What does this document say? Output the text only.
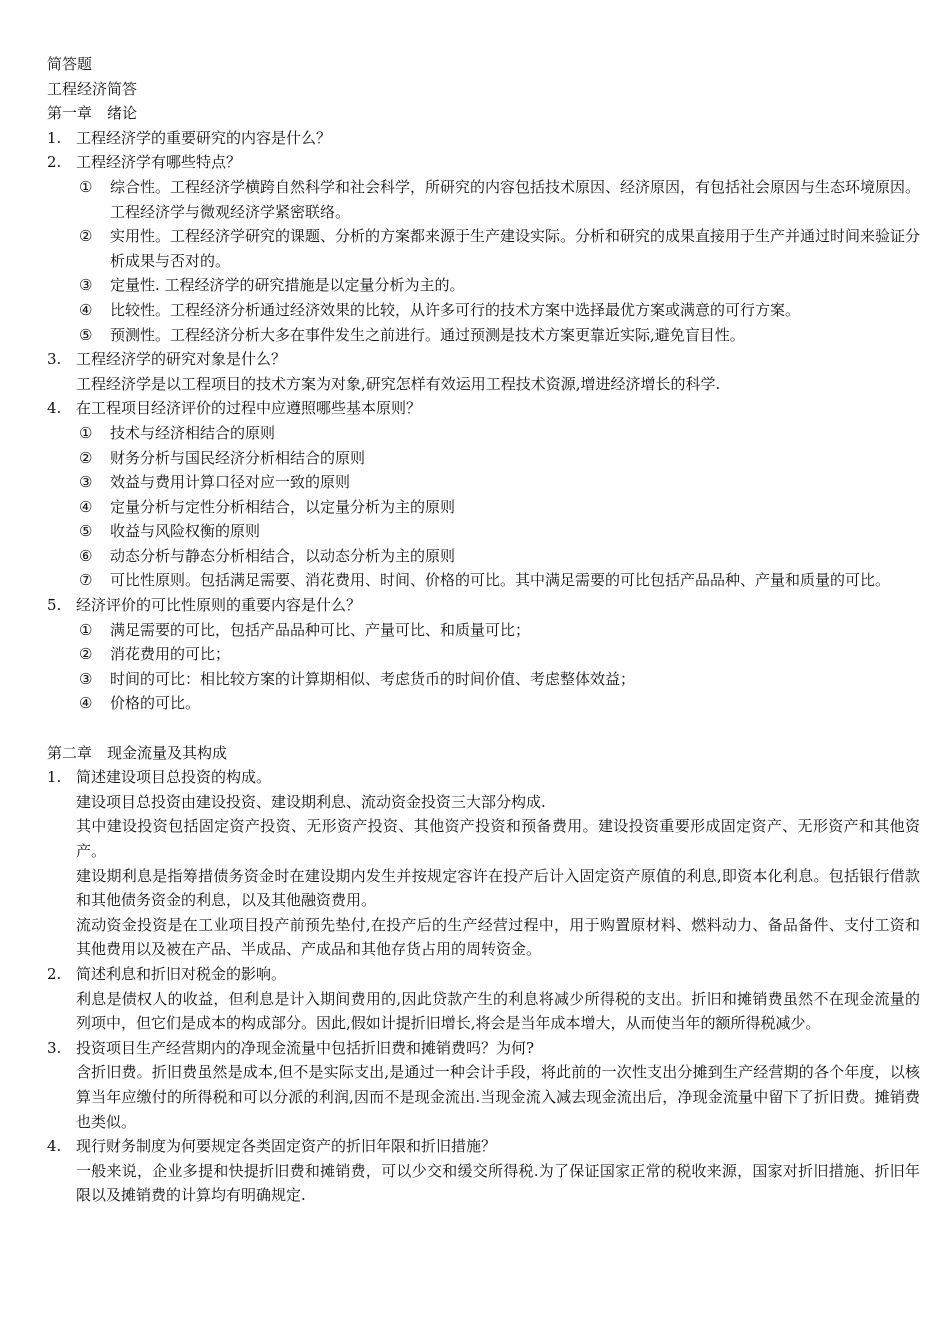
简答题
工程经济简答
第一章　绪论
1. 工程经济学的重要研究的内容是什么？
2. 工程经济学有哪些特点？
① 综合性。工程经济学横跨自然科学和社会科学，所研究的内容包括技术原因、经济原因，有包括社会原因与生态环境原因。工程经济学与微观经济学紧密联络。
② 实用性。工程经济学研究的课题、分析的方案都来源于生产建设实际。分析和研究的成果直接用于生产并通过时间来验证分析成果与否对的。
③ 定量性. 工程经济学的研究措施是以定量分析为主的。
④ 比较性。工程经济分析通过经济效果的比较，从许多可行的技术方案中选择最优方案或满意的可行方案。
⑤ 预测性。工程经济分析大多在事件发生之前进行。通过预测是技术方案更靠近实际,避免盲目性。
3. 工程经济学的研究对象是什么？
工程经济学是以工程项目的技术方案为对象,研究怎样有效运用工程技术资源,增进经济增长的科学.
4. 在工程项目经济评价的过程中应遵照哪些基本原则？
① 技术与经济相结合的原则
② 财务分析与国民经济分析相结合的原则
③ 效益与费用计算口径对应一致的原则
④ 定量分析与定性分析相结合，以定量分析为主的原则
⑤ 收益与风险权衡的原则
⑥ 动态分析与静态分析相结合，以动态分析为主的原则
⑦ 可比性原则。包括满足需要、消花费用、时间、价格的可比。其中满足需要的可比包括产品品种、产量和质量的可比。
5. 经济评价的可比性原则的重要内容是什么？
① 满足需要的可比，包括产品品种可比、产量可比、和质量可比；
② 消花费用的可比；
③ 时间的可比：相比较方案的计算期相似、考虑货币的时间价值、考虑整体效益；
④ 价格的可比。
第二章　现金流量及其构成
1. 简述建设项目总投资的构成。
建设项目总投资由建设投资、建设期利息、流动资金投资三大部分构成.
其中建设投资包括固定资产投资、无形资产投资、其他资产投资和预备费用。建设投资重要形成固定资产、无形资产和其他资产。
建设期利息是指筹措债务资金时在建设期内发生并按规定容许在投产后计入固定资产原值的利息,即资本化利息。包括银行借款和其他债务资金的利息，以及其他融资费用。
流动资金投资是在工业项目投产前预先垫付,在投产后的生产经营过程中，用于购置原材料、燃料动力、备品备件、支付工资和其他费用以及被在产品、半成品、产成品和其他存货占用的周转资金。
2. 简述利息和折旧对税金的影响。
利息是债权人的收益，但利息是计入期间费用的,因此贷款产生的利息将减少所得税的支出。折旧和摊销费虽然不在现金流量的列项中，但它们是成本的构成部分。因此,假如计提折旧增长,将会是当年成本增大，从而使当年的额所得税减少。
3. 投资项目生产经营期内的净现金流量中包括折旧费和摊销费吗？为何?
含折旧费。折旧费虽然是成本,但不是实际支出,是通过一种会计手段，将此前的一次性支出分摊到生产经营期的各个年度，以核算当年应缴付的所得税和可以分派的利润,因而不是现金流出.当现金流入减去现金流出后，净现金流量中留下了折旧费。摊销费也类似。
4. 现行财务制度为何要规定各类固定资产的折旧年限和折旧措施？
一般来说，企业多提和快提折旧费和摊销费，可以少交和缓交所得税.为了保证国家正常的税收来源，国家对折旧措施、折旧年限以及摊销费的计算均有明确规定.
